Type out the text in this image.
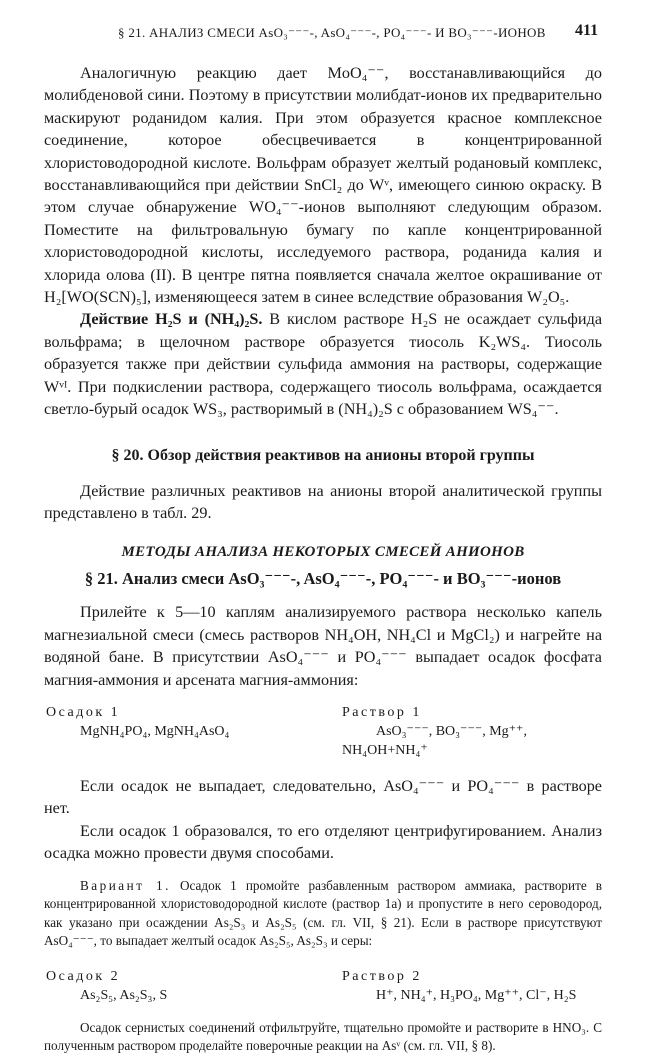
§ 21. АНАЛИЗ СМЕСИ AsO₃⁻⁻⁻-, AsO₄⁻⁻⁻-, PO₄⁻⁻⁻- И BO₃⁻⁻⁻-ИОНОВ 411

Аналогичную реакцию дает MoO₄⁻⁻, восстанавливающийся до молибденовой сини. Поэтому в присутствии молибдат-ионов их предварительно маскируют роданидом калия. При этом образуется красное комплексное соединение, которое обесцвечивается в концентрированной хлористоводородной кислоте. Вольфрам образует желтый родановый комплекс, восстанавливающийся при действии SnCl₂ до Wᵛ, имеющего синюю окраску. В этом случае обнаружение WO₄⁻⁻-ионов выполняют следующим образом. Поместите на фильтровальную бумагу по капле концентрированной хлористоводородной кислоты, исследуемого раствора, роданида калия и хлорида олова (II). В центре пятна появляется сначала желтое окрашивание от H₂[WO(SCN)₅], изменяющееся затем в синее вследствие образования W₂O₅.

Действие H₂S и (NH₄)₂S. В кислом растворе H₂S не осаждает сульфида вольфрама; в щелочном растворе образуется тиосоль K₂WS₄. Тиосоль образуется также при действии сульфида аммония на растворы, содержащие Wᵛᴵ. При подкислении раствора, содержащего тиосоль вольфрама, осаждается светло-бурый осадок WS₃, растворимый в (NH₄)₂S с образованием WS₄⁻⁻.

§ 20. Обзор действия реактивов на анионы второй группы

Действие различных реактивов на анионы второй аналитической группы представлено в табл. 29.

МЕТОДЫ АНАЛИЗА НЕКОТОРЫХ СМЕСЕЙ АНИОНОВ
§ 21. Анализ смеси AsO₃⁻⁻⁻-, AsO₄⁻⁻⁻-, PO₄⁻⁻⁻- и BO₃⁻⁻⁻-ионов

Прилейте к 5—10 каплям анализируемого раствора несколько капель магнезиальной смеси (смесь растворов NH₄OH, NH₄Cl и MgCl₂) и нагрейте на водяной бане. В присутствии AsO₄⁻⁻⁻ и PO₄⁻⁻⁻ выпадает осадок фосфата магния-аммония и арсената магния-аммония:

Осадок 1
MgNH₄PO₄, MgNH₄AsO₄
Раствор 1
AsO₃⁻⁻⁻, BO₃⁻⁻⁻, Mg⁺⁺,
NH₄OH+NH₄⁺

Если осадок не выпадает, следовательно, AsO₄⁻⁻⁻ и PO₄⁻⁻⁻ в растворе нет.

Если осадок 1 образовался, то его отделяют центрифугированием. Анализ осадка можно провести двумя способами.

Вариант 1. Осадок 1 промойте разбавленным раствором аммиака, растворите в концентрированной хлористоводородной кислоте (раствор 1а) и пропустите в него сероводород, как указано при осаждении As₂S₃ и As₂S₅ (см. гл. VII, § 21). Если в растворе присутствуют AsO₄⁻⁻⁻, то выпадает желтый осадок As₂S₅, As₂S₃ и серы:

Осадок 2
As₂S₅, As₂S₃, S
Раствор 2
H⁺, NH₄⁺, H₃PO₄, Mg⁺⁺, Cl⁻, H₂S

Осадок сернистых соединений отфильтруйте, тщательно промойте и растворите в HNO₃. С полученным раствором проделайте поверочные реакции на Asᵛ (см. гл. VII, § 8).
